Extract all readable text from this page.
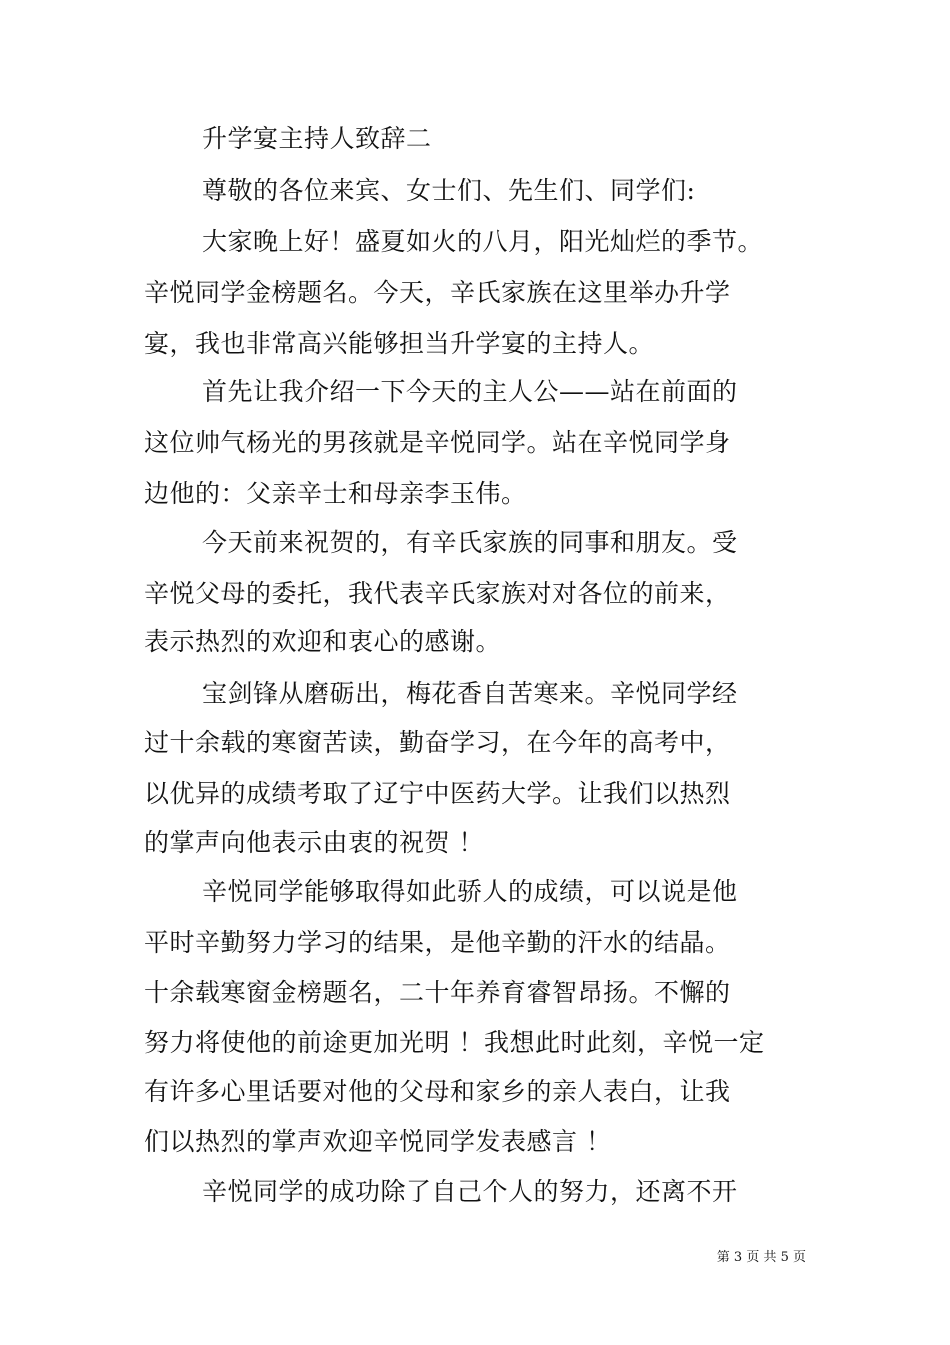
升学宴主持人致辞二
尊敬的各位来宾、女士们、先生们、同学们:
大家晚上好！盛夏如火的八月，阳光灿烂的季节。
辛悦同学金榜题名。今天，辛氏家族在这里举办升学
宴，我也非常高兴能够担当升学宴的主持人。
首先让我介绍一下今天的主人公——站在前面的
这位帅气杨光的男孩就是辛悦同学。站在辛悦同学身
边他的：父亲辛士和母亲李玉伟。
今天前来祝贺的，有辛氏家族的同事和朋友。受
辛悦父母的委托，我代表辛氏家族对对各位的前来，
表示热烈的欢迎和衷心的感谢。
宝剑锋从磨砺出，梅花香自苦寒来。辛悦同学经
过十余载的寒窗苦读，勤奋学习，在今年的高考中，
以优异的成绩考取了辽宁中医药大学。让我们以热烈
的掌声向他表示由衷的祝贺 ！
辛悦同学能够取得如此骄人的成绩，可以说是他
平时辛勤努力学习的结果，是他辛勤的汗水的结晶。
十余载寒窗金榜题名，二十年养育睿智昂扬。不懈的
努力将使他的前途更加光明 ！我想此时此刻，辛悦一定
有许多心里话要对他的父母和家乡的亲人表白，让我
们以热烈的掌声欢迎辛悦同学发表感言 ！
辛悦同学的成功除了自己个人的努力，还离不开
第 3 页 共 5 页
